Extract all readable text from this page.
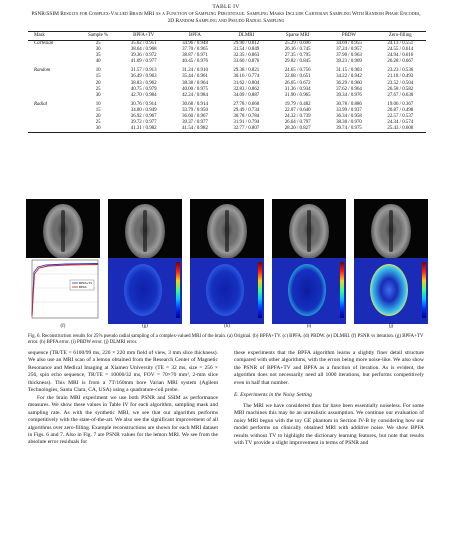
TABLE IV
PSNR/SSIM Results for Complex-Valued Brain MRI as a Function of Sampling Percentage. Sampling Masks Include Cartesian Sampling With Random Phase Encodes, 2D Random Sampling and Pseudo Radial Sampling
Mask	Sample %	BPFA+TV	BPFA	DLMRI	Sparse MRI	PBDW	Zero-filling
Cartesian	25	35.62 / 0.951	34.96 / 0.948	29.90 / 0.812	25.29 / 0.696	34.69 / 0.955	24.13 / 0.551
	30	38.64 / 0.968	37.70 / 0.965	31.54 / 0.849	26.16 / 0.745	37.24 / 0.957	24.55 / 0.614
	35	39.36 / 0.972	38.87 / 0.971	32.35 / 0.863	27.35 / 0.795	37.90 / 0.963	24.94 / 0.616
	40	41.09 / 0.977	40.45 / 0.976	33.60 / 0.876	29.82 / 0.845	39.23 / 0.969	26.28 / 0.667

Random	10	31.57 / 0.913	31.24 / 0.910	29.38 / 0.821	24.65 / 0.756	31.15 / 0.903	23.23 / 0.536
	15	36.49 / 0.963	35.44 / 0.961	30.16 / 0.774	22.68 / 0.651	34.22 / 0.942	21.18 / 0.493
	20	38.83 / 0.962	38.38 / 0.964	31.62 / 0.804	26.05 / 0.672	36.29 / 0.960	23.52 / 0.504
	25	40.75 / 0.979	40.00 / 0.975	32.83 / 0.862	31.36 / 0.934	37.62 / 0.964	26.58 / 0.582
	30	42.70 / 0.984	42.24 / 0.984	34.09 / 0.887	31.90 / 0.965	39.34 / 0.976	27.67 / 0.630

Radial	10	30.76 / 0.914	30.68 / 0.914	27.78 / 0.660	19.79 / 0.482	30.78 / 0.886	19.06 / 0.367
	15	34.00 / 0.949	33.79 / 0.950	29.49 / 0.734	22.07 / 0.640	33.99 / 0.937	20.87 / 0.498
	20	36.92 / 0.967	36.60 / 0.967	30.78 / 0.784	24.32 / 0.739	36.34 / 0.958	22.57 / 0.537
	25	39.72 / 0.977	39.37 / 0.977	31.91 / 0.794	26.64 / 0.797	38.38 / 0.970	24.34 / 0.574
	30	41.31 / 0.982	41.54 / 0.982	32.77 / 0.807	28.20 / 0.827	39.74 / 0.975	25.43 / 0.600
BPFA+TV
BPFA
(f)	(g)	(h)	(i)	(j)
Fig. 6. Reconstruction results for 25% pseudo radial sampling of a complex-valued MRI of the brain. (a) Original. (b) BPFA+TV. (c) BPFA. (d) PBDW. (e) DLMRI. (f) PSNR vs iteration. (g) BPFA+TV error. (h) BPFA error. (i) PBDW error. (j) DLMRI error.

sequence (TR/TE = 6100/99 ms, 220 × 220 mm field of view, 3 mm slice thickness). We also use an MRI scan of a lemon obtained from the Research Center of Magnetic Resonance and Medical Imaging at Xiamen University (TE = 32 ms, size = 256 × 256, spin echo sequence, TR/TE = 10000/32 ms, FOV = 70×70 mm², 2-mm slice thickness). This MRI is from a 7T/160mm bore Varian MRI system (Agilent Technologies, Santa Clara, CA, USA) using a quadrature-coil probe.

For the brain MRI experiment we use both PSNR and SSIM as performance measures. We show these values in Table IV for each algorithm, sampling mask and sampling rate. As with the synthetic MRI, we see that our algorithm performs competitively with the state-of-the-art. We also see the significant improvement of all algorithms over zero-filling. Example reconstructions are shown for each MRI dataset in Figs. 6 and 7. Also in Fig. 7 are PSNR values for the lemon MRI. We see from the absolute error residuals for

these experiments that the BPFA algorithm learns a slightly finer detail structure compared with other algorithms, with the errors being more noise-like. We also show the PSNR of BPFA+TV and BPFA as a function of iteration. As is evident, the algorithm does not necessarily need all 1000 iterations, but performs competitively even in half that number.

E. Experiments in the Noisy Setting

The MRI we have considered thus far have been essentially noiseless. For some MRI machines this may be an unrealistic assumption. We continue our evaluation of noisy MRI begun with the toy GE phantom in Section IV-B by considering how our model performs on clinically obtained MRI with additive noise. We show BPFA results without TV to highlight the dictionary learning features, but note that results with TV provide a slight improvement in terms of PSNR and
